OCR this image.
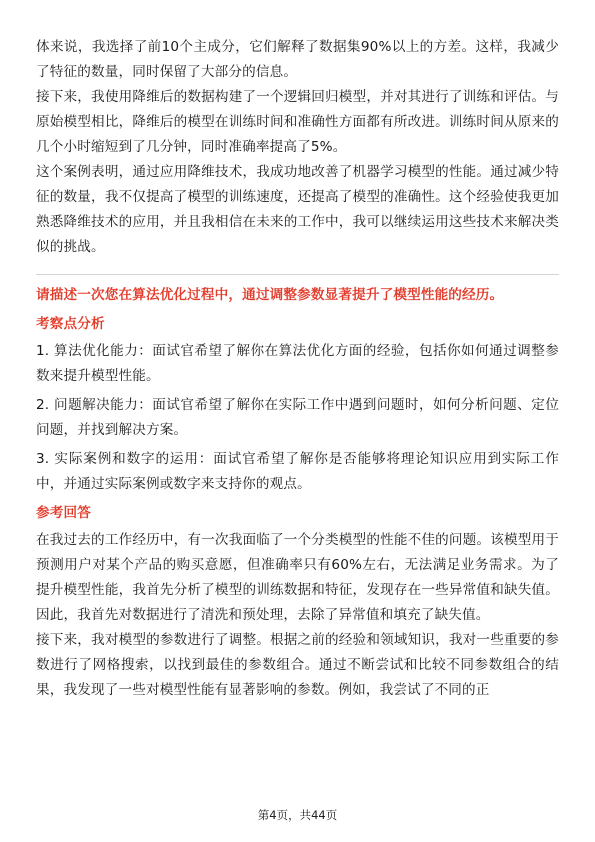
体来说，我选择了前10个主成分，它们解释了数据集90%以上的方差。这样，我减少了特征的数量，同时保留了大部分的信息。

接下来，我使用降维后的数据构建了一个逻辑回归模型，并对其进行了训练和评估。与原始模型相比，降维后的模型在训练时间和准确性方面都有所改进。训练时间从原来的几个小时缩短到了几分钟，同时准确率提高了5%。

这个案例表明，通过应用降维技术，我成功地改善了机器学习模型的性能。通过减少特征的数量，我不仅提高了模型的训练速度，还提高了模型的准确性。这个经验使我更加熟悉降维技术的应用，并且我相信在未来的工作中，我可以继续运用这些技术来解决类似的挑战。

请描述一次您在算法优化过程中，通过调整参数显著提升了模型性能的经历。

考察点分析

1. 算法优化能力：面试官希望了解你在算法优化方面的经验，包括你如何通过调整参数来提升模型性能。

2. 问题解决能力：面试官希望了解你在实际工作中遇到问题时，如何分析问题、定位问题，并找到解决方案。

3. 实际案例和数字的运用：面试官希望了解你是否能够将理论知识应用到实际工作中，并通过实际案例或数字来支持你的观点。

参考回答

在我过去的工作经历中，有一次我面临了一个分类模型的性能不佳的问题。该模型用于预测用户对某个产品的购买意愿，但准确率只有60%左右，无法满足业务需求。为了提升模型性能，我首先分析了模型的训练数据和特征，发现存在一些异常值和缺失值。因此，我首先对数据进行了清洗和预处理，去除了异常值和填充了缺失值。

接下来，我对模型的参数进行了调整。根据之前的经验和领域知识，我对一些重要的参数进行了网格搜索，以找到最佳的参数组合。通过不断尝试和比较不同参数组合的结果，我发现了一些对模型性能有显著影响的参数。例如，我尝试了不同的正

第4页，共44页
